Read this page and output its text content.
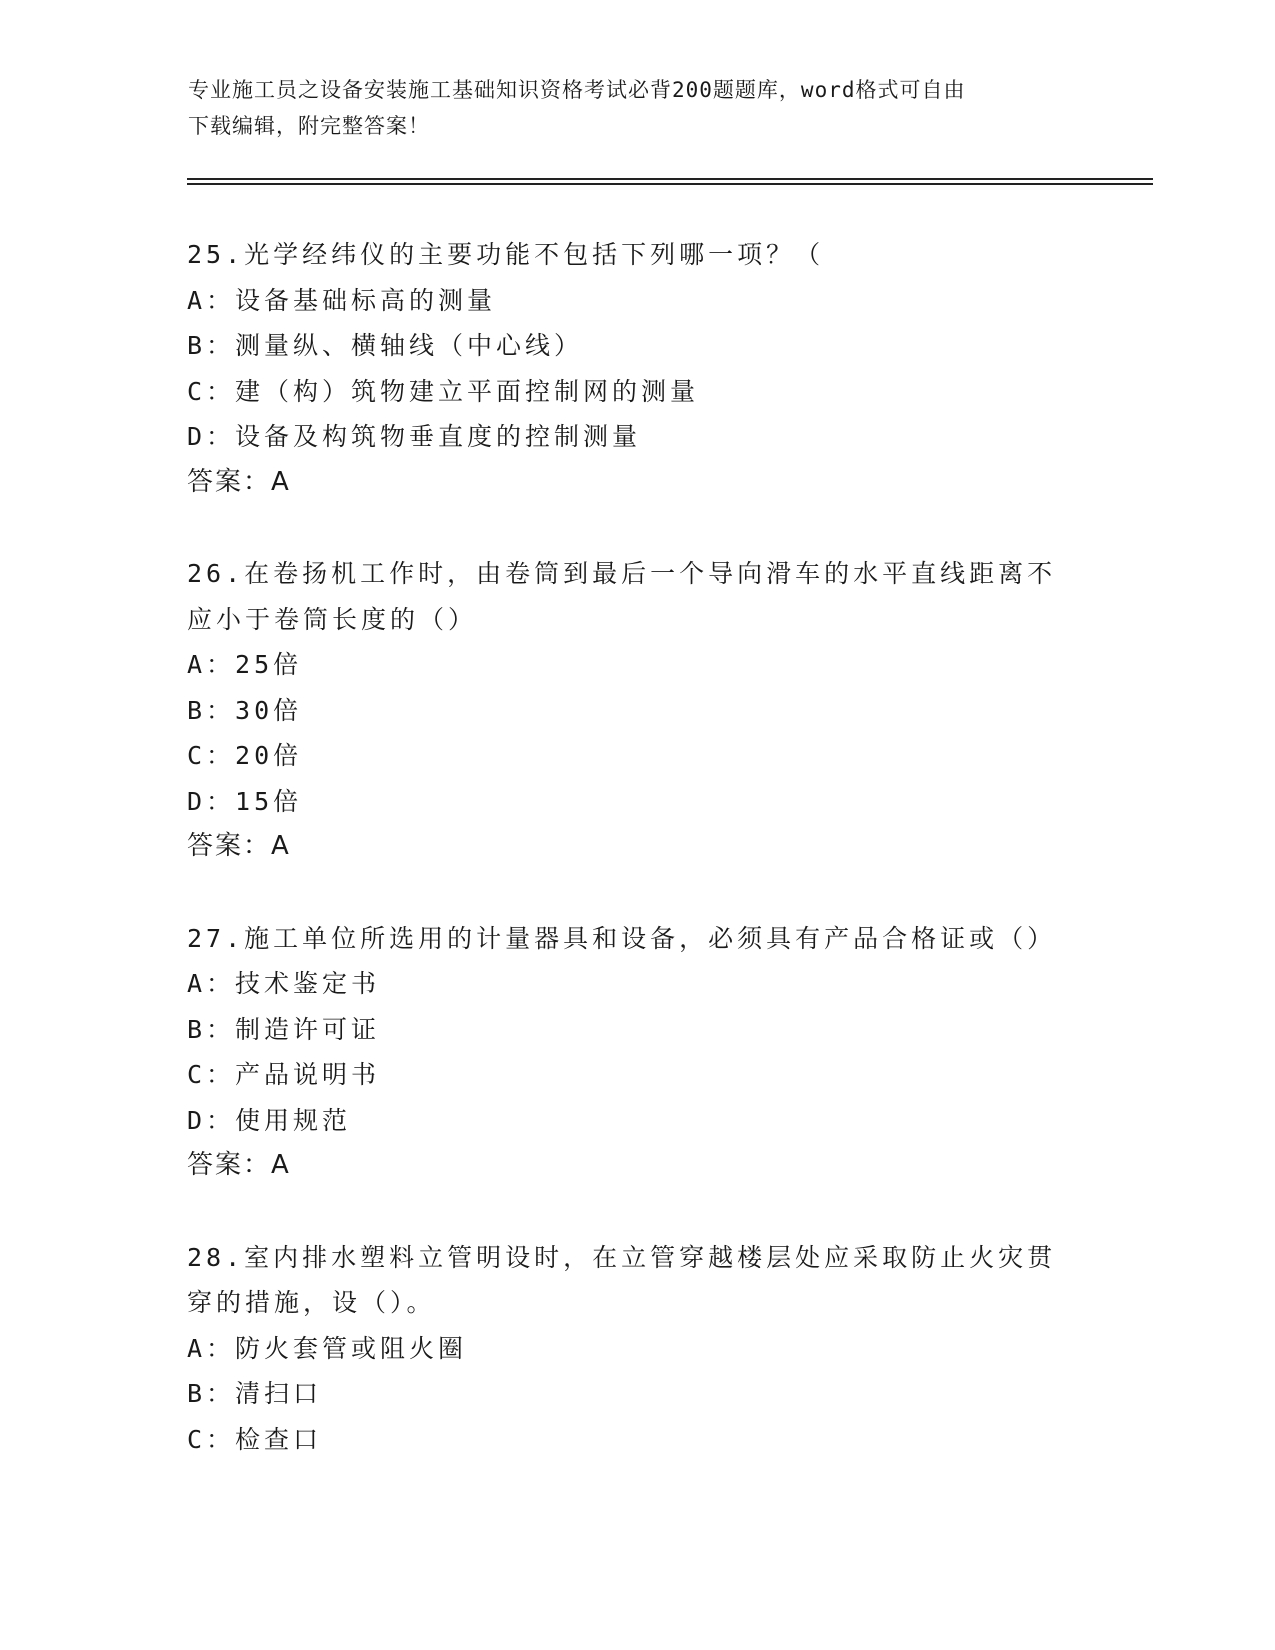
专业施工员之设备安装施工基础知识资格考试必背200题题库，word格式可自由
下载编辑，附完整答案！
25.光学经纬仪的主要功能不包括下列哪一项？（
A：设备基础标高的测量
B：测量纵、横轴线（中心线）
C：建（构）筑物建立平面控制网的测量
D：设备及构筑物垂直度的控制测量
答案：A
26.在卷扬机工作时，由卷筒到最后一个导向滑车的水平直线距离不应小于卷筒长度的（）
A：25倍
B：30倍
C：20倍
D：15倍
答案：A
27.施工单位所选用的计量器具和设备，必须具有产品合格证或（）
A：技术鉴定书
B：制造许可证
C：产品说明书
D：使用规范
答案：A
28.室内排水塑料立管明设时，在立管穿越楼层处应采取防止火灾贯穿的措施，设（）。
A：防火套管或阻火圈
B：清扫口
C：检查口
